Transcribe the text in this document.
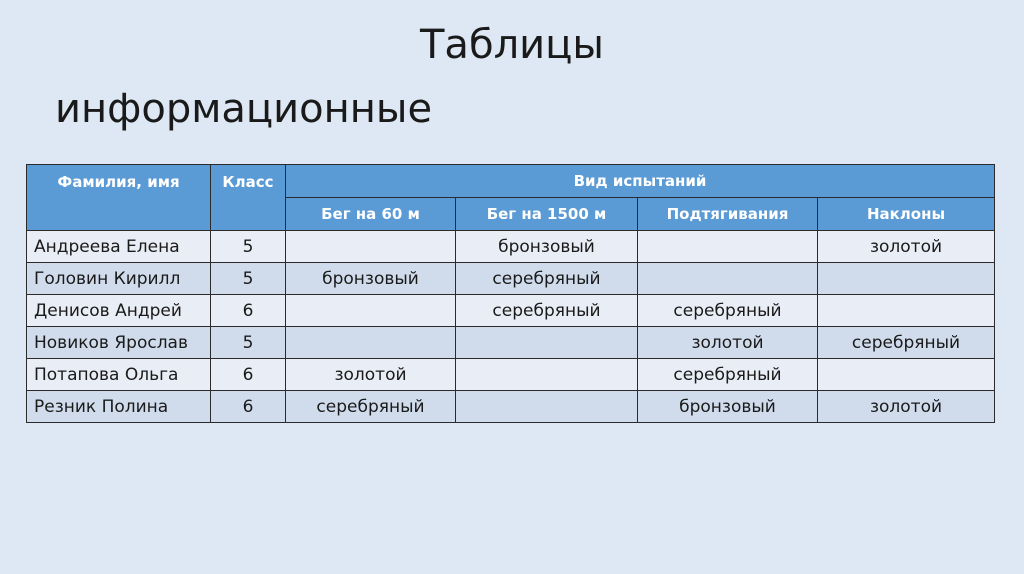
Таблицы
информационные
Фамилия, имя	Класс	Вид испытаний			
		Бег на 60 м	Бег на 1500 м	Подтягивания	Наклоны
Андреева Елена	5		бронзовый		золотой
Головин Кирилл	5	бронзовый	серебряный		
Денисов Андрей	6		серебряный	серебряный	
Новиков Ярослав	5			золотой	серебряный
Потапова Ольга	6	золотой		серебряный	
Резник Полина	6	серебряный		бронзовый	золотой
